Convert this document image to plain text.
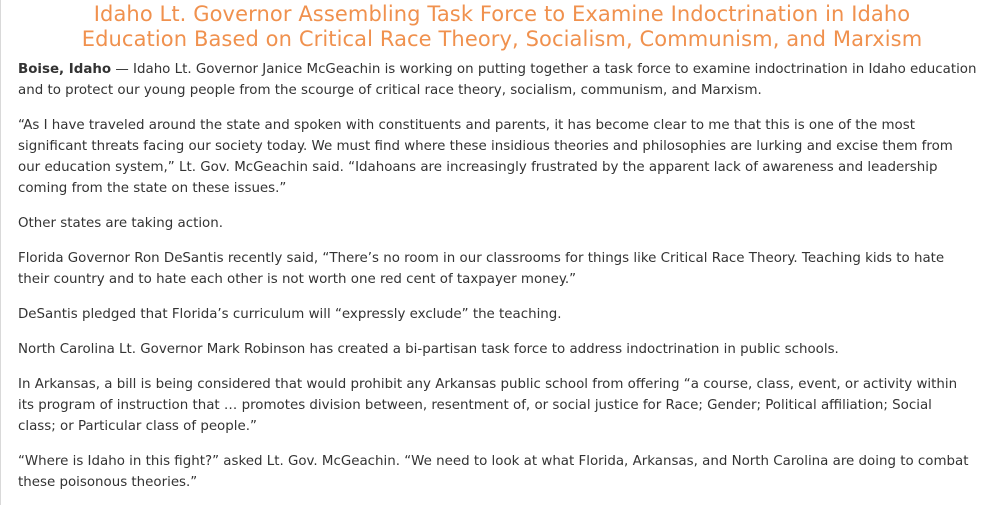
Idaho Lt. Governor Assembling Task Force to Examine Indoctrination in Idaho
Education Based on Critical Race Theory, Socialism, Communism, and Marxism

Boise, Idaho — Idaho Lt. Governor Janice McGeachin is working on putting together a task force to examine indoctrination in Idaho education
and to protect our young people from the scourge of critical race theory, socialism, communism, and Marxism.

“As I have traveled around the state and spoken with constituents and parents, it has become clear to me that this is one of the most
significant threats facing our society today. We must find where these insidious theories and philosophies are lurking and excise them from
our education system,” Lt. Gov. McGeachin said. “Idahoans are increasingly frustrated by the apparent lack of awareness and leadership
coming from the state on these issues.”

Other states are taking action.

Florida Governor Ron DeSantis recently said, “There’s no room in our classrooms for things like Critical Race Theory. Teaching kids to hate
their country and to hate each other is not worth one red cent of taxpayer money.”

DeSantis pledged that Florida’s curriculum will “expressly exclude” the teaching.

North Carolina Lt. Governor Mark Robinson has created a bi-partisan task force to address indoctrination in public schools.

In Arkansas, a bill is being considered that would prohibit any Arkansas public school from offering “a course, class, event, or activity within
its program of instruction that … promotes division between, resentment of, or social justice for Race; Gender; Political affiliation; Social
class; or Particular class of people.”

“Where is Idaho in this fight?” asked Lt. Gov. McGeachin. “We need to look at what Florida, Arkansas, and North Carolina are doing to combat
these poisonous theories.”
